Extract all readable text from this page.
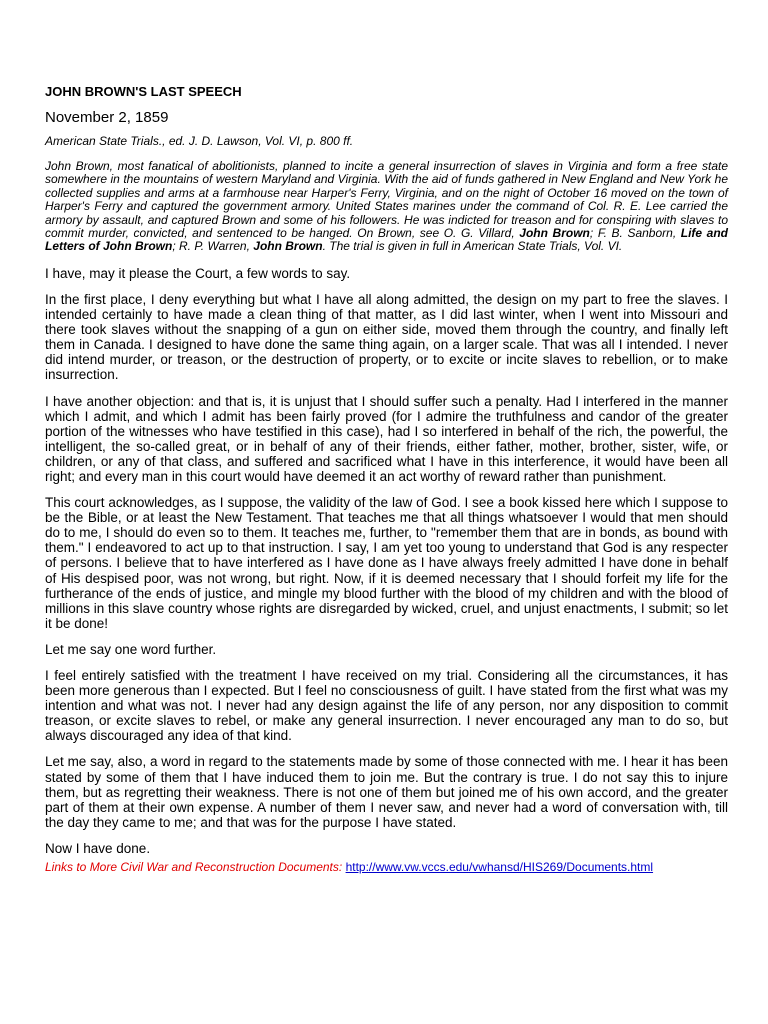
JOHN BROWN'S LAST SPEECH

November 2, 1859

American State Trials., ed. J. D. Lawson, Vol. VI, p. 800 ff.

John Brown, most fanatical of abolitionists, planned to incite a general insurrection of slaves in Virginia and form a free state somewhere in the mountains of western Maryland and Virginia. With the aid of funds gathered in New England and New York he collected supplies and arms at a farmhouse near Harper's Ferry, Virginia, and on the night of October 16 moved on the town of Harper's Ferry and captured the government armory. United States marines under the command of Col. R. E. Lee carried the armory by assault, and captured Brown and some of his followers. He was indicted for treason and for conspiring with slaves to commit murder, convicted, and sentenced to be hanged. On Brown, see O. G. Villard, John Brown; F. B. Sanborn, Life and Letters of John Brown; R. P. Warren, John Brown. The trial is given in full in American State Trials, Vol. VI.

I have, may it please the Court, a few words to say.

In the first place, I deny everything but what I have all along admitted, the design on my part to free the slaves. I intended certainly to have made a clean thing of that matter, as I did last winter, when I went into Missouri and there took slaves without the snapping of a gun on either side, moved them through the country, and finally left them in Canada. I designed to have done the same thing again, on a larger scale. That was all I intended. I never did intend murder, or treason, or the destruction of property, or to excite or incite slaves to rebellion, or to make insurrection.

I have another objection: and that is, it is unjust that I should suffer such a penalty. Had I interfered in the manner which I admit, and which I admit has been fairly proved (for I admire the truthfulness and candor of the greater portion of the witnesses who have testified in this case), had I so interfered in behalf of the rich, the powerful, the intelligent, the so-called great, or in behalf of any of their friends, either father, mother, brother, sister, wife, or children, or any of that class, and suffered and sacrificed what I have in this interference, it would have been all right; and every man in this court would have deemed it an act worthy of reward rather than punishment.

This court acknowledges, as I suppose, the validity of the law of God. I see a book kissed here which I suppose to be the Bible, or at least the New Testament. That teaches me that all things whatsoever I would that men should do to me, I should do even so to them. It teaches me, further, to "remember them that are in bonds, as bound with them." I endeavored to act up to that instruction. I say, I am yet too young to understand that God is any respecter of persons. I believe that to have interfered as I have done as I have always freely admitted I have done in behalf of His despised poor, was not wrong, but right. Now, if it is deemed necessary that I should forfeit my life for the furtherance of the ends of justice, and mingle my blood further with the blood of my children and with the blood of millions in this slave country whose rights are disregarded by wicked, cruel, and unjust enactments, I submit; so let it be done!

Let me say one word further.

I feel entirely satisfied with the treatment I have received on my trial. Considering all the circumstances, it has been more generous than I expected. But I feel no consciousness of guilt. I have stated from the first what was my intention and what was not. I never had any design against the life of any person, nor any disposition to commit treason, or excite slaves to rebel, or make any general insurrection. I never encouraged any man to do so, but always discouraged any idea of that kind.

Let me say, also, a word in regard to the statements made by some of those connected with me. I hear it has been stated by some of them that I have induced them to join me. But the contrary is true. I do not say this to injure them, but as regretting their weakness. There is not one of them but joined me of his own accord, and the greater part of them at their own expense. A number of them I never saw, and never had a word of conversation with, till the day they came to me; and that was for the purpose I have stated.

Now I have done.

Links to More Civil War and Reconstruction Documents: http://www.vw.vccs.edu/vwhansd/HIS269/Documents.html
